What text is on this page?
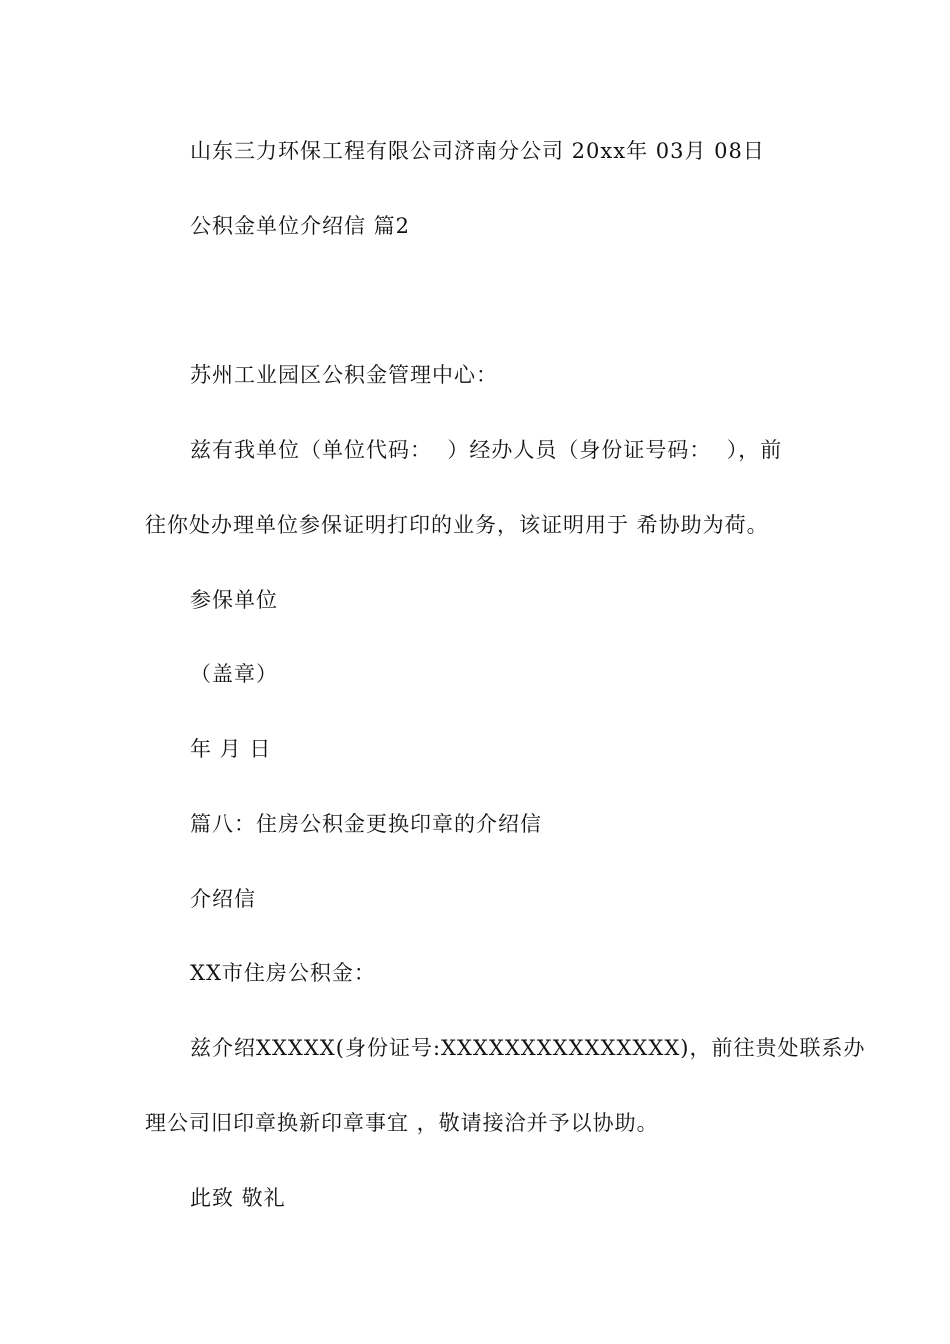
山东三力环保工程有限公司济南分公司 20xx年 03月 08日
公积金单位介绍信 篇2
苏州工业园区公积金管理中心：
兹有我单位（单位代码：  ）经办人员（身份证号码：  ），前
往你处办理单位参保证明打印的业务，该证明用于 希协助为荷。
参保单位
（盖章）
年 月 日
篇八：住房公积金更换印章的介绍信
介绍信
XX市住房公积金：
兹介绍XXXXX(身份证号:XXXXXXXXXXXXXXX)，前往贵处联系办
理公司旧印章换新印章事宜 ，敬请接洽并予以协助。
此致 敬礼
